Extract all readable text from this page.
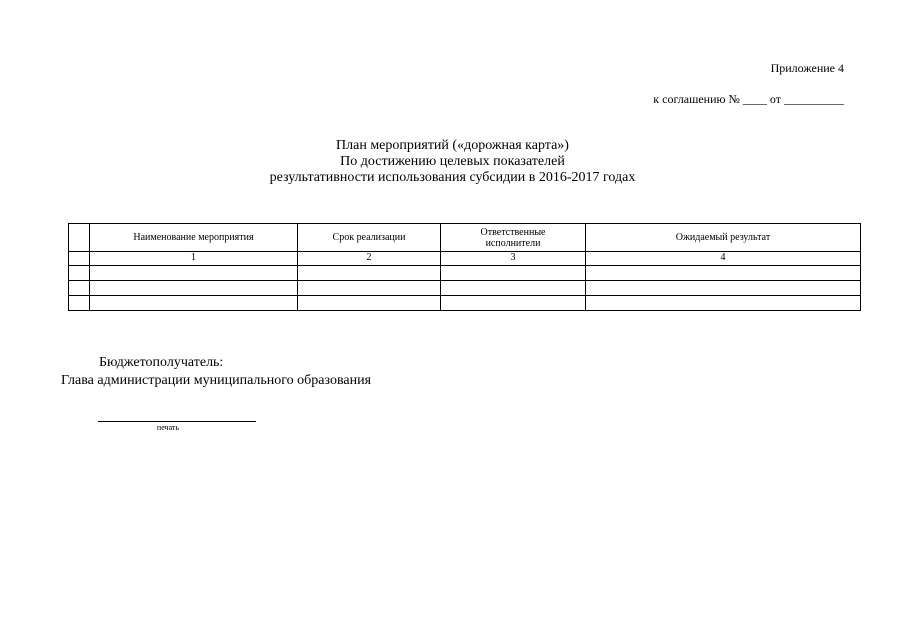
Приложение 4
к соглашению № ____ от __________
План мероприятий («дорожная карта»)
По достижению целевых показателей
результативности использования субсидии в 2016-2017 годах
	Наименование мероприятия	Срок реализации	Ответственные исполнители	Ожидаемый результат
	1	2	3	4

Бюджетополучатель:
Глава администрации муниципального образования
печать
